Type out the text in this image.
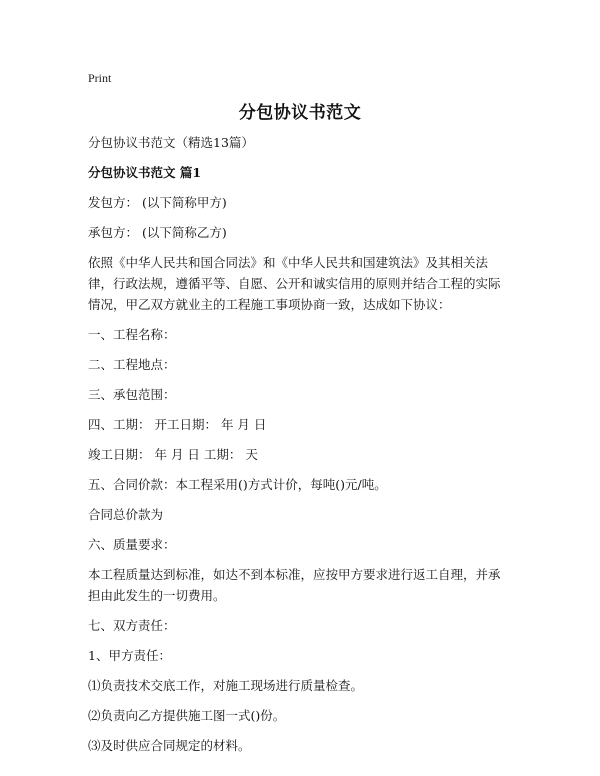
Print
分包协议书范文
分包协议书范文（精选13篇）
分包协议书范文 篇1
发包方： (以下简称甲方)
承包方： (以下简称乙方)
依照《中华人民共和国合同法》和《中华人民共和国建筑法》及其相关法律，行政法规，遵循平等、自愿、公开和诚实信用的原则并结合工程的实际情况，甲乙双方就业主的工程施工事项协商一致，达成如下协议：
一、工程名称：
二、工程地点：
三、承包范围：
四、工期： 开工日期： 年 月 日
竣工日期： 年 月 日 工期： 天
五、合同价款：本工程采用()方式计价，每吨()元/吨。
合同总价款为
六、质量要求：
本工程质量达到标准，如达不到本标准，应按甲方要求进行返工自理，并承担由此发生的一切费用。
七、双方责任：
1、甲方责任：
⑴负责技术交底工作，对施工现场进行质量检查。
⑵负责向乙方提供施工图一式()份。
⑶及时供应合同规定的材料。
